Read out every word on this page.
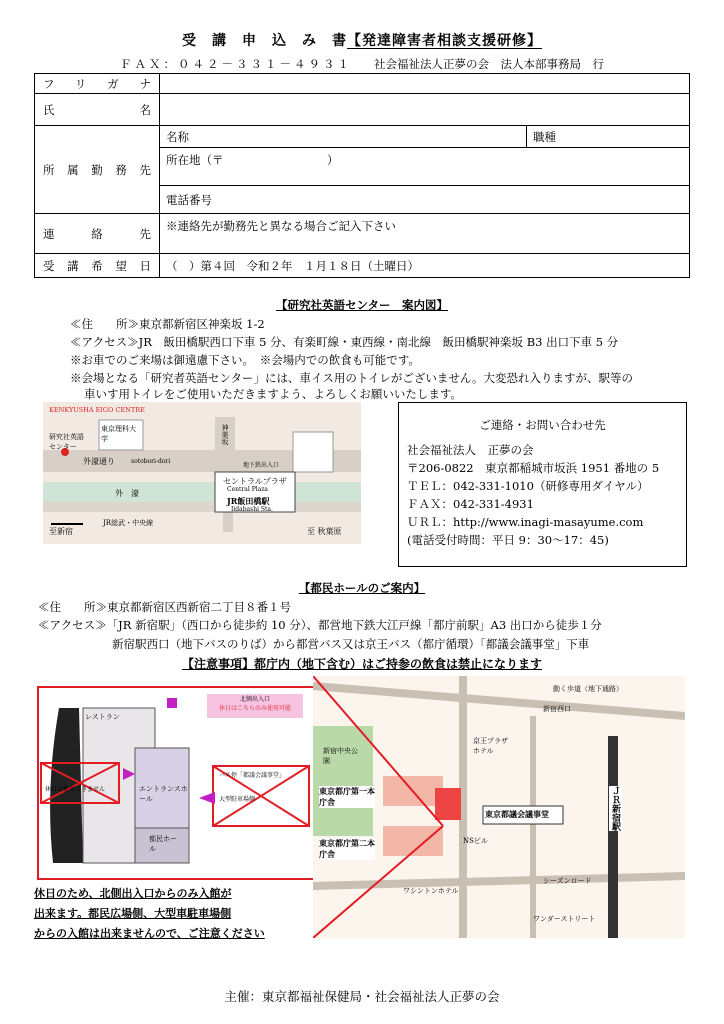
受　講　申　込　み　書【発達障害者相談支援研修】
ＦＡＸ：０４２－３３１－４９３１ 社会福祉法人正夢の会　法人本部事務局　行
フリガナ		
氏名		
所属勤務先	名称	職種
	所在地（〒　　　　　　　　　）	
	電話番号	
連絡先	※連絡先が勤務先と異なる場合ご記入下さい	
受講希望日	（　）第４回　令和２年　１月１８日（土曜日）	
【研究社英語センター　案内図】
≪住　　所≫東京都新宿区神楽坂 1-2
≪アクセス≫JR　飯田橋駅西口下車 5 分、有楽町線・東西線・南北線　飯田橋駅神楽坂 B3 出口下車 5 分
※お車でのご来場は御遠慮下さい。　※会場内での飲食も可能です。
※会場となる「研究者英語センター」には、車イス用のトイレがございません。大変恐れ入りますが、駅等の
車いす用トイレをご使用いただきますよう、よろしくお願いいたします。
KENKYUSHA EIGO CENTRE
研究社英語センター
東京理科大学	神楽坂
外濠通り	sotobori-dori
外　濠
セントラルプラザ
Central Plaza
JR飯田橋駅
Iidabashi Sta.
至新宿
JR総武・中央線
至 秋葉原
地下鉄出入口
ご連絡・お問い合わせ先
社会福祉法人　正夢の会
〒206-0822　東京都稲城市坂浜 1951 番地の 5
ＴＥＬ：042-331-1010（研修専用ダイヤル）
ＦＡＸ：042-331-4931
ＵＲＬ：http://www.inagi-masayume.com
(電話受付時間：平日 9：30～17：45)
【都民ホールのご案内】
≪住　　所≫東京都新宿区西新宿二丁目８番１号
≪アクセス≫「JR 新宿駅」（西口から徒歩約 10 分）、都営地下鉄大江戸線「都庁前駅」A3 出口から徒歩１分
新宿駅西口（地下バスのりば）から都営バス又は京王バス（都庁循環）「都議会議事堂」下車
【注意事項】都庁内（地下含む）はご持参の飲食は禁止になります
レストラン
北側出入口
休日はこちらのみ使用可能
エントランスホール
都民ホール
休日は使用できません
バス停「都議会議事堂」
大型駐車場側
東京都庁第一本庁舎
東京都庁第二本庁舎
東京都議会議事堂	ＪＲ新宿駅
NSビル
京王プラザホテル
ワシントンホテル
新宿中央公園
シーズンロード
ワンダーストリート
動く歩道（地下通路）
新宿西口
休日のため、北側出入口からのみ入館が
出来ます。都民広場側、大型車駐車場側
からの入館は出来ませんので、ご注意ください
主催：東京都福祉保健局・社会福祉法人正夢の会
